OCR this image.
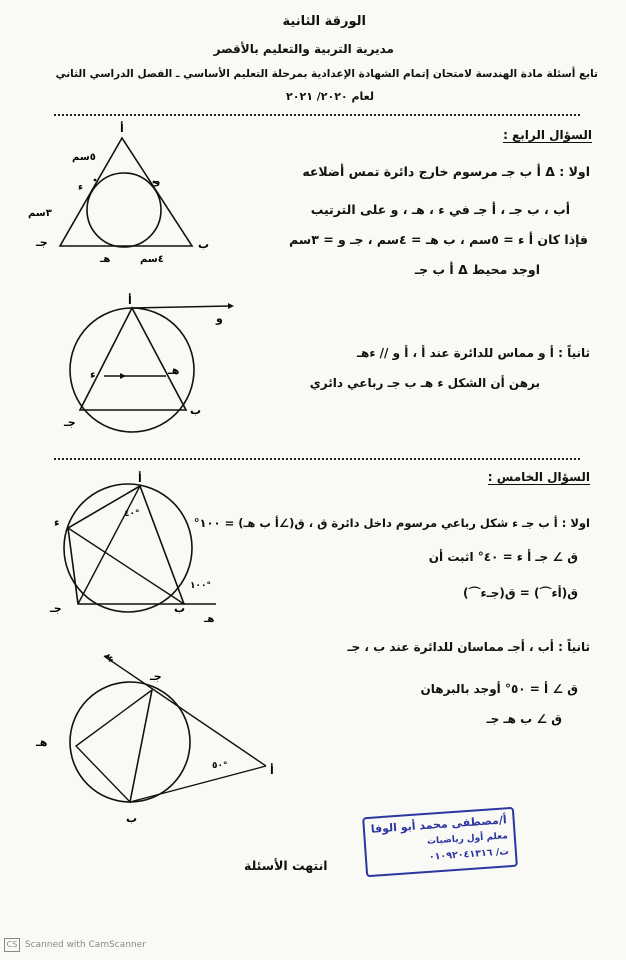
الورقة الثانية
مديرية التربية والتعليم بالأقصر
تابع أسئلة مادة الهندسة لامتحان إتمام الشهادة الإعدادية بمرحلة التعليم الأساسي ـ الفصل الدراسي الثاني
لعام ٢٠٢٠/ ٢٠٢١
السؤال الرابع :
اولا : Δ ﺃ ب جـ مرسوم خارج دائرة تمس أضلاعه
ﺃب ، ب جـ ، ﺃ جـ في ء ، هـ ، و على الترتيب
فإذا كان ﺃ ء = ٥سم ، ب هـ = ٤سم ، جـ و = ٣سم
اوجد محيط Δ ﺃ ب جـ
ثانياً : ﺃ و مماس للدائرة عند ﺃ ، ﺃ و // ءهـ
برهن أن الشكل ء هـ ب جـ رباعي دائري
ﺃ
٥سم
ء
٣سم
جـ
و
ب
هـ	٤سم
ﺃ
و
ء	هـ
جـ
ب
السؤال الخامس :
اولا : ﺃ ب جـ ء شكل رباعي مرسوم داخل دائرة ق ، ق(∠ﺃ ب هـ) = ١٠٠°
ق ∠ جـ ﺃ ء = ٤٠° اثبت أن
ق(ﺃء⌒) = ق(جـء⌒)
ثانياً : ﺃب ، ﺃجـ مماسان للدائرة عند ب ، جـ
ق ∠ ﺃ = ٥٠° أوجد بالبرهان
ق ∠ ب هـ جـ
ﺃ
ء
٤٠°
جـ
هـ
ب
١٠٠°
ء
جـ
هـ
٥٠°	ﺃ
ب	أ/مصطفى محمد أبو الوفا
معلم أول رياضيات
ت/ ٠١٠٩٢٠٤١٣١٦
انتهت الأسئلة
CS Scanned with CamScanner
